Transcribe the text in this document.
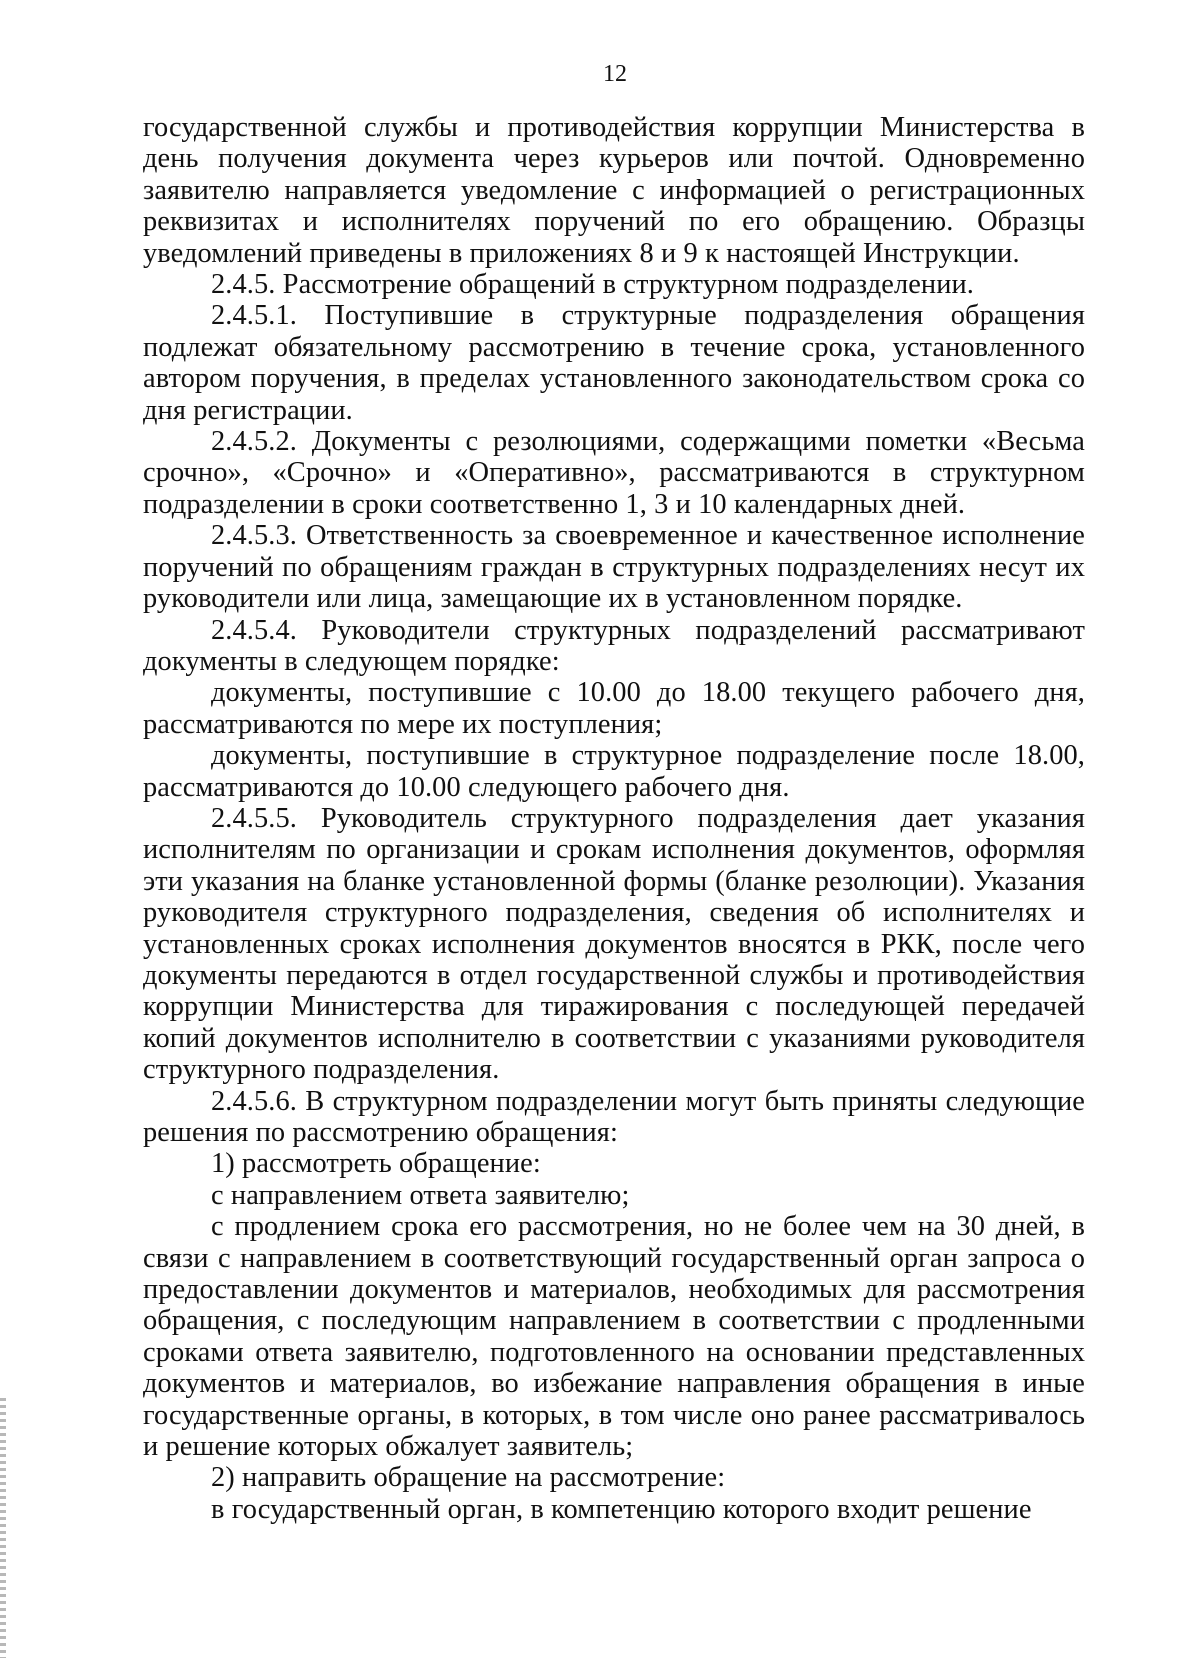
12

государственной службы и противодействия коррупции Министерства в день получения документа через курьеров или почтой. Одновременно заявителю направляется уведомление с информацией о регистрационных реквизитах и исполнителях поручений по его обращению. Образцы уведомлений приведены в приложениях 8 и 9 к настоящей Инструкции.

2.4.5. Рассмотрение обращений в структурном подразделении.

2.4.5.1. Поступившие в структурные подразделения обращения подлежат обязательному рассмотрению в течение срока, установленного автором поручения, в пределах установленного законодательством срока со дня регистрации.

2.4.5.2. Документы с резолюциями, содержащими пометки «Весьма срочно», «Срочно» и «Оперативно», рассматриваются в структурном подразделении в сроки соответственно 1, 3 и 10 календарных дней.

2.4.5.3. Ответственность за своевременное и качественное исполнение поручений по обращениям граждан в структурных подразделениях несут их руководители или лица, замещающие их в установленном порядке.

2.4.5.4. Руководители структурных подразделений рассматривают документы в следующем порядке:

документы, поступившие с 10.00 до 18.00 текущего рабочего дня, рассматриваются по мере их поступления;

документы, поступившие в структурное подразделение после 18.00, рассматриваются до 10.00 следующего рабочего дня.

2.4.5.5. Руководитель структурного подразделения дает указания исполнителям по организации и срокам исполнения документов, оформляя эти указания на бланке установленной формы (бланке резолюции). Указания руководителя структурного подразделения, сведения об исполнителях и установленных сроках исполнения документов вносятся в РКК, после чего документы передаются в отдел государственной службы и противодействия коррупции Министерства для тиражирования с последующей передачей копий документов исполнителю в соответствии с указаниями руководителя структурного подразделения.

2.4.5.6. В структурном подразделении могут быть приняты следующие решения по рассмотрению обращения:

1) рассмотреть обращение:

с направлением ответа заявителю;

с продлением срока его рассмотрения, но не более чем на 30 дней, в связи с направлением в соответствующий государственный орган запроса о предоставлении документов и материалов, необходимых для рассмотрения обращения, с последующим направлением в соответствии с продленными сроками ответа заявителю, подготовленного на основании представленных документов и материалов, во избежание направления обращения в иные государственные органы, в которых, в том числе оно ранее рассматривалось и решение которых обжалует заявитель;

2) направить обращение на рассмотрение:

в государственный орган, в компетенцию которого входит решение
